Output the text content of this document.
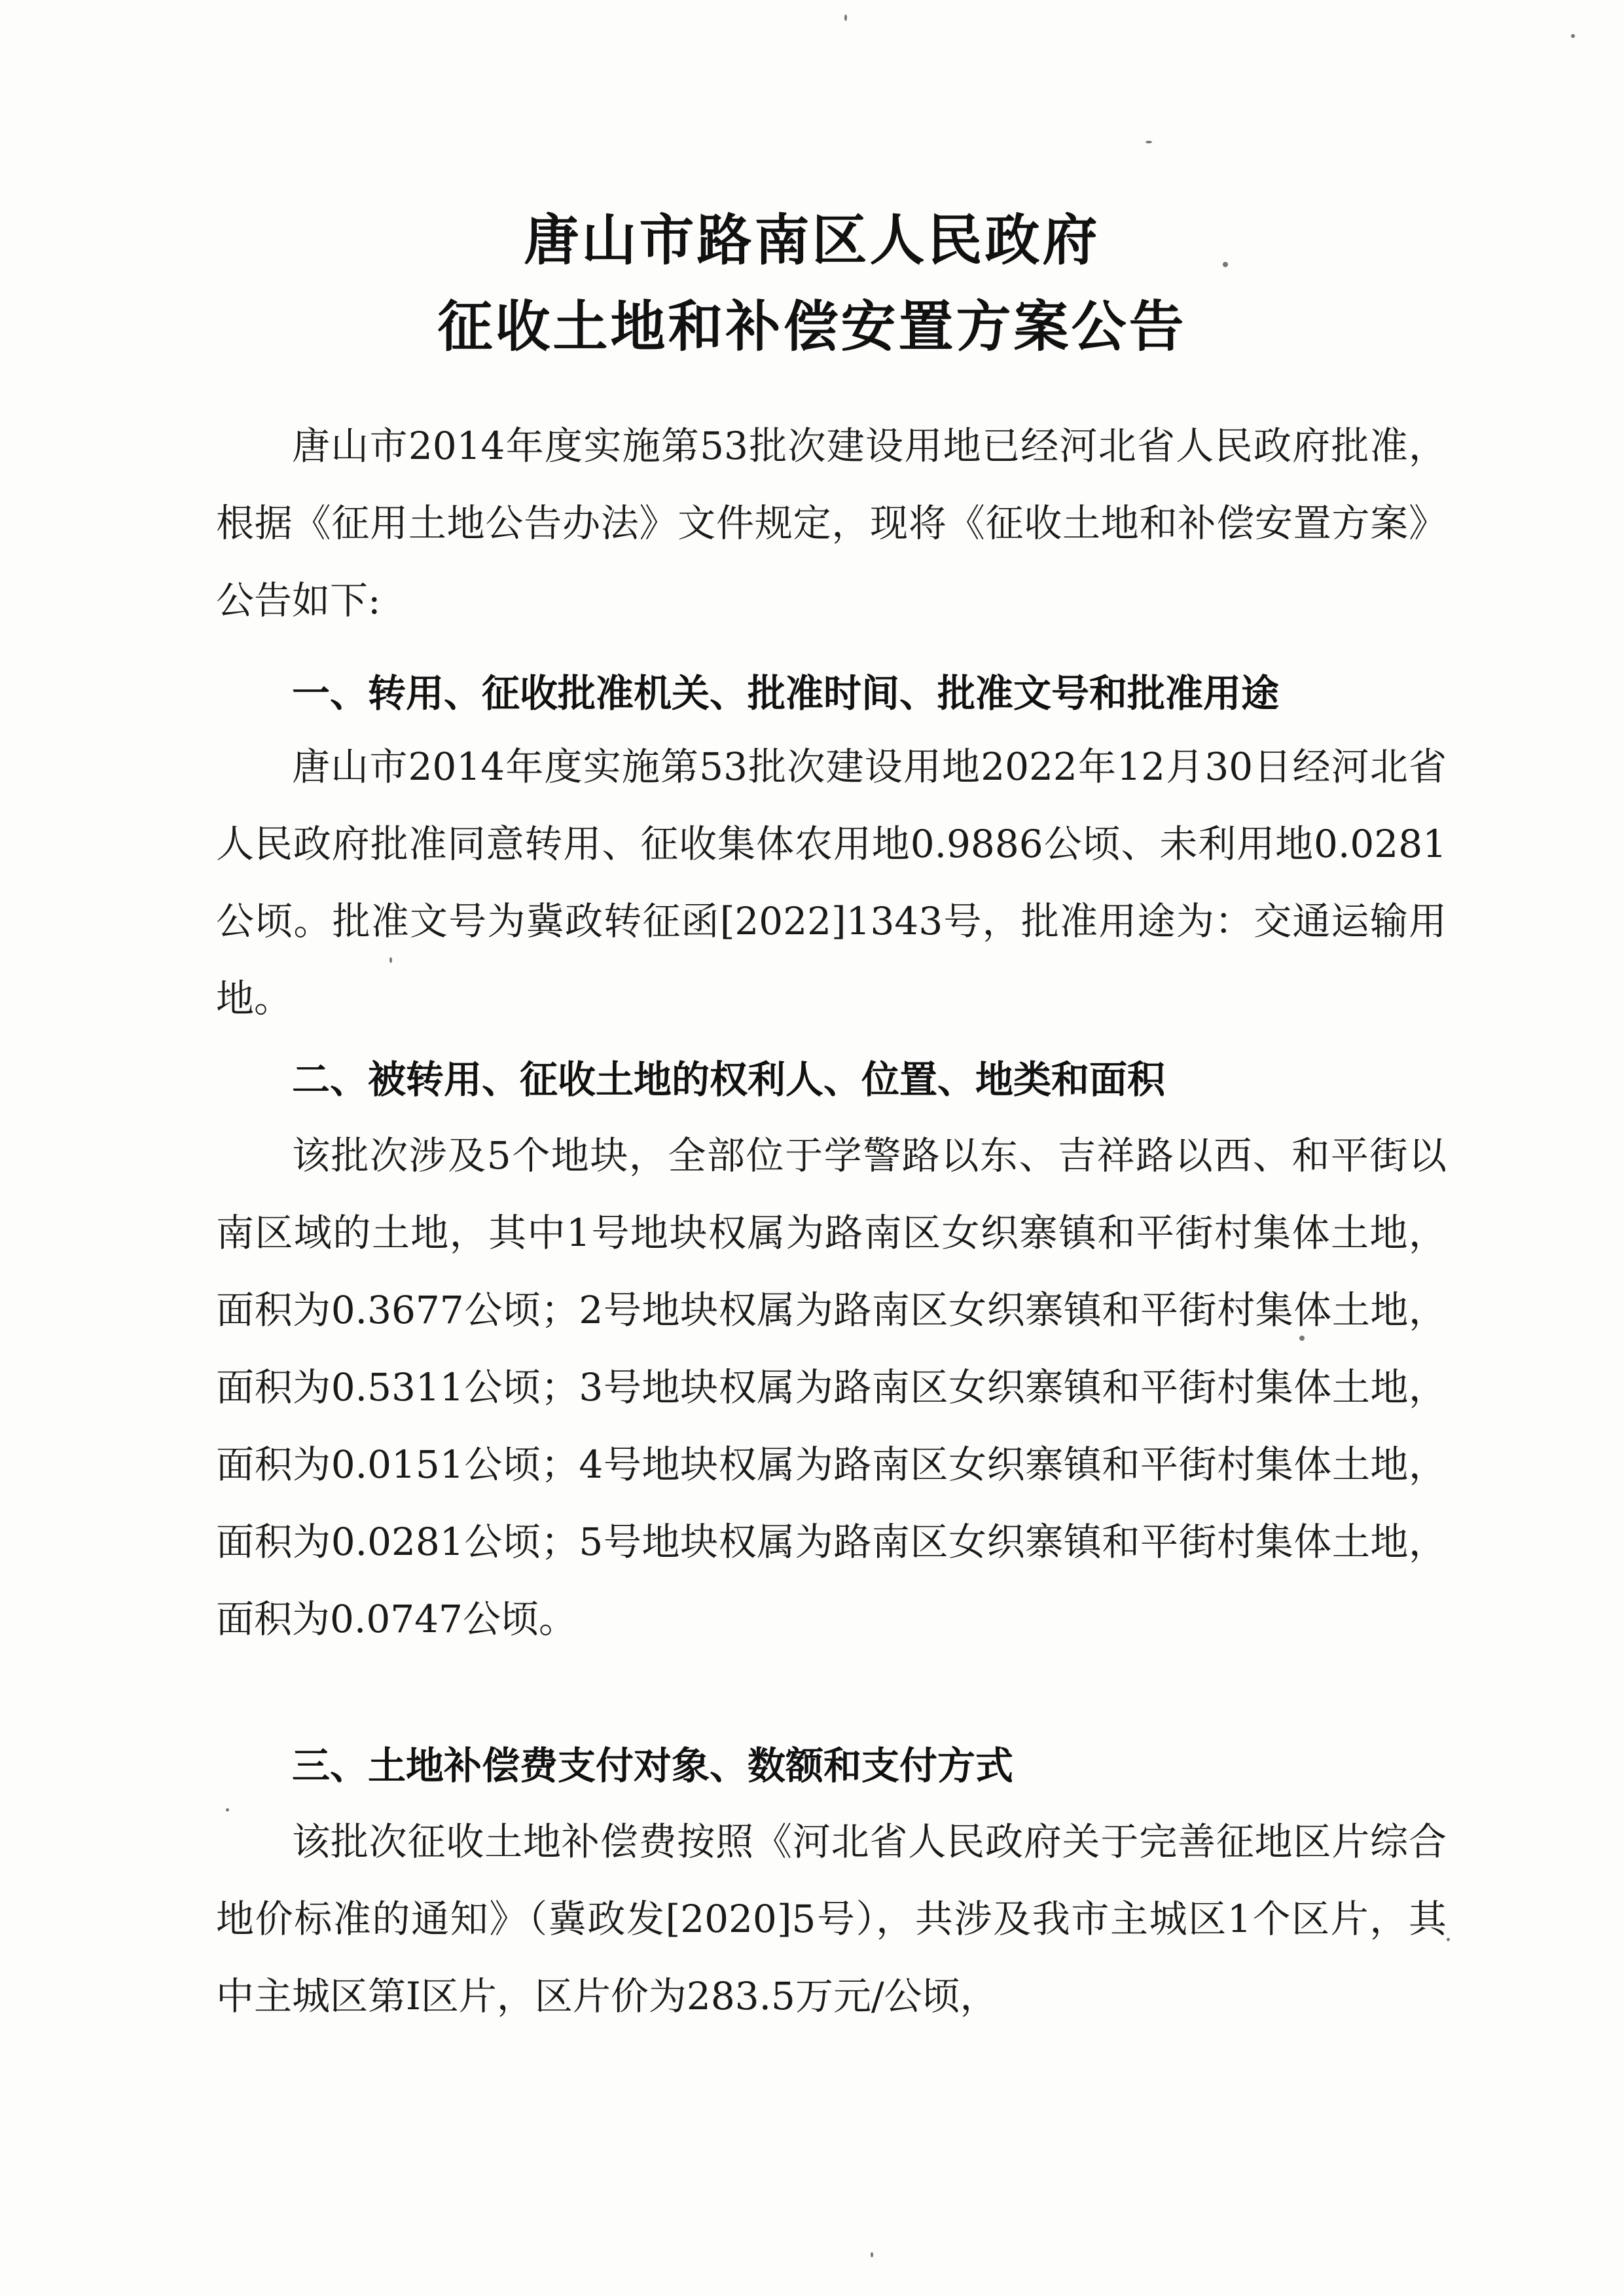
唐山市路南区人民政府
征收土地和补偿安置方案公告

唐山市2014年度实施第53批次建设用地已经河北省人民政府批准，根据《征用土地公告办法》文件规定，现将《征收土地和补偿安置方案》公告如下:

一、转用、征收批准机关、批准时间、批准文号和批准用途

唐山市2014年度实施第53批次建设用地2022年12月30日经河北省人民政府批准同意转用、征收集体农用地0.9886公顷、未利用地0.0281公顷。批准文号为冀政转征函[2022]1343号，批准用途为：交通运输用地。

二、被转用、征收土地的权利人、位置、地类和面积

该批次涉及5个地块，全部位于学警路以东、吉祥路以西、和平街以南区域的土地，其中1号地块权属为路南区女织寨镇和平街村集体土地，面积为0.3677公顷；2号地块权属为路南区女织寨镇和平街村集体土地，面积为0.5311公顷；3号地块权属为路南区女织寨镇和平街村集体土地，面积为0.0151公顷；4号地块权属为路南区女织寨镇和平街村集体土地，面积为0.0281公顷；5号地块权属为路南区女织寨镇和平街村集体土地，面积为0.0747公顷。

三、土地补偿费支付对象、数额和支付方式

该批次征收土地补偿费按照《河北省人民政府关于完善征地区片综合地价标准的通知》（冀政发[2020]5号），共涉及我市主城区1个区片，其中主城区第Ⅰ区片，区片价为283.5万元/公顷，
